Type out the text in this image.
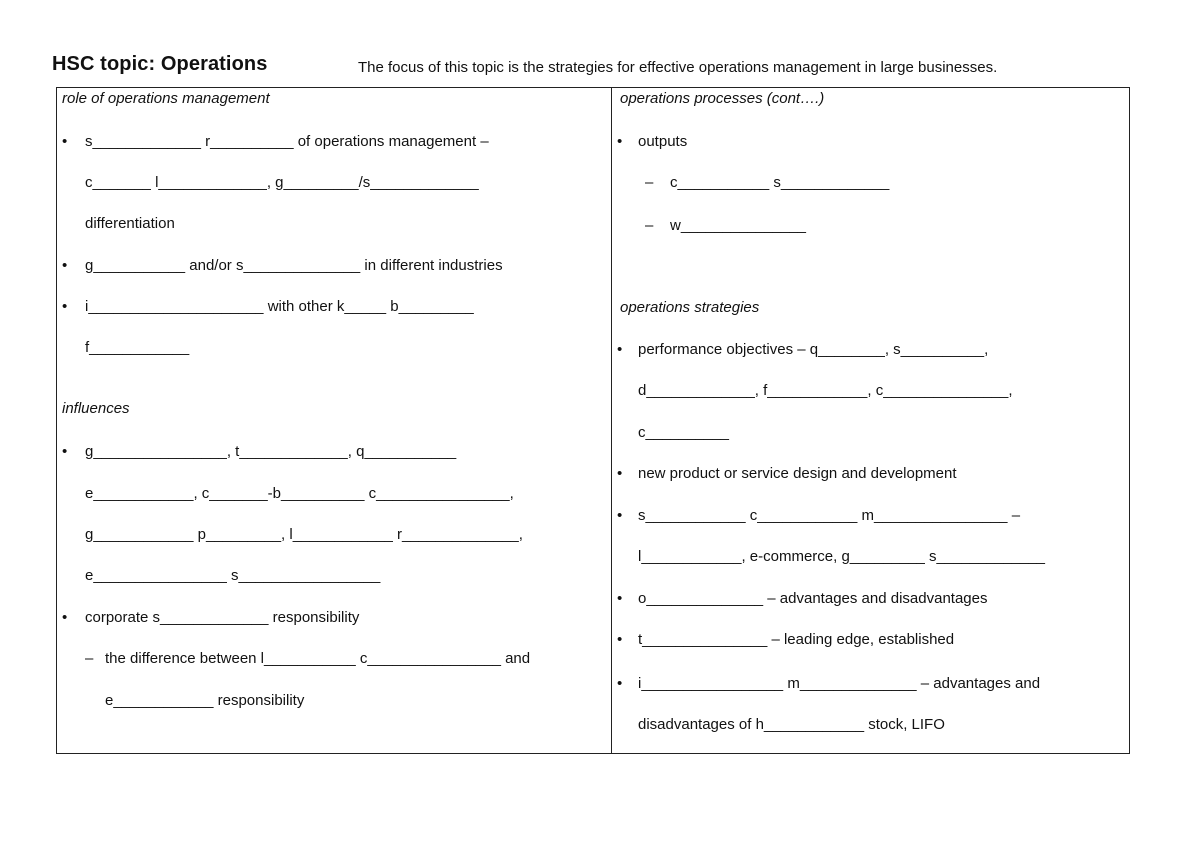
HSC topic: Operations	The focus of this topic is the strategies for effective operations management in large businesses.
role of operations management
• s_____________ r__________ of operations management –
c_______ l_____________, g_________/s_____________
differentiation
• g___________ and/or s______________ in different industries
• i_____________________ with other k_____ b_________
f____________
influences
• g________________, t_____________, q___________
e____________, c_______-b__________ c________________,
g____________ p_________, l____________ r______________,
e________________ s_________________
• corporate s_____________ responsibility
– the difference between l___________ c________________ and
e____________ responsibility
operations processes (cont….)
• outputs
– c___________ s_____________
– w_______________
operations strategies
• performance objectives – q________, s__________,
d_____________, f____________, c_______________,
c__________
• new product or service design and development
• s____________ c____________ m________________ –
l____________, e-commerce, g_________ s_____________
• o______________ – advantages and disadvantages
• t_______________ – leading edge, established
• i_________________ m______________ – advantages and
disadvantages of h____________ stock, LIFO
